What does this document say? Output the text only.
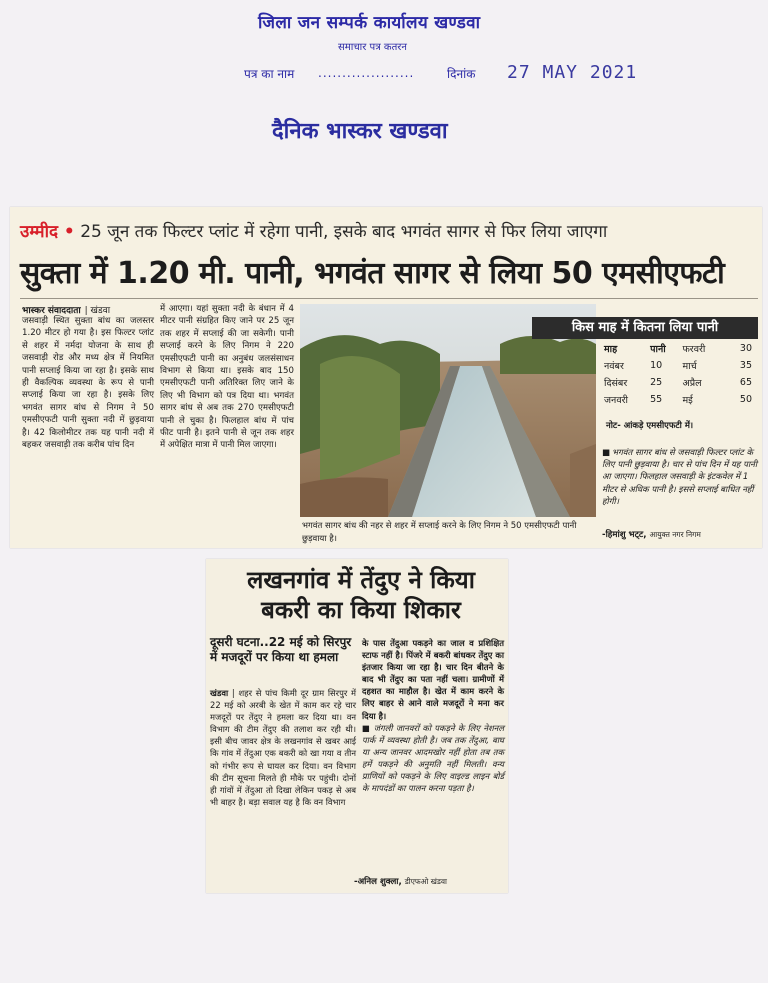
जिला जन सम्पर्क कार्यालय खण्डवा
समाचार पत्र कतरन
पत्र का नाम ....................	दिनांक 27 MAY 2021
दैनिक भास्कर खण्डवा
उम्मीद • 25 जून तक फिल्टर प्लांट में रहेगा पानी, इसके बाद भगवंत सागर से फिर लिया जाएगा
सुक्ता में 1.20 मी. पानी, भगवंत सागर से लिया 50 एमसीएफटी
भास्कर संवाददाता | खंडवा

जसवाड़ी स्थित सुक्ता बांध का जलस्तर 1.20 मीटर हो गया है। इस फिल्टर प्लांट से शहर में नर्मदा योजना के साथ ही जसवाड़ी रोड और मध्य क्षेत्र में नियमित पानी सप्लाई किया जा रहा है। इसके साथ ही वैकल्पिक व्यवस्था के रूप से पानी सप्लाई किया जा रहा है। इसके लिए भगवंत सागर बांध से निगम ने 50 एमसीएफटी पानी सुक्ता नदी में छुड़वाया है। 42 किलोमीटर तक यह पानी नदी में बहकर जसवाड़ी तक करीब पांच दिन

में आएगा। यहां सुक्ता नदी के बंधान में 4 मीटर पानी संग्रहित किए जाने पर 25 जून तक शहर में सप्लाई की जा सकेगी। पानी सप्लाई करने के लिए निगम ने 220 एमसीएफटी पानी का अनुबंध जलसंसाधन विभाग से किया था। इसके बाद 150 एमसीएफटी पानी अतिरिक्त लिए जाने के लिए भी विभाग को पत्र दिया था। भगवंत सागर बांध से अब तक 270 एमसीएफटी पानी ले चुका है। फिलहाल बांध में पांच फीट पानी है। इतने पानी से जून तक शहर में अपेक्षित मात्रा में पानी मिल जाएगा।

भगवंत सागर बांध की नहर से शहर में सप्लाई करने के लिए निगम ने 50 एमसीएफटी पानी छुड़वाया है।
किस माह में कितना लिया पानी
माह	पानी	फरवरी	30
नवंबर	10	मार्च	35
दिसंबर	25	अप्रैल	65
जनवरी	55	मई	50
नोट- आंकड़े एमसीएफटी में।
■ भगवंत सागर बांध से जसवाड़ी फिल्टर प्लांट के लिए पानी छुड़वाया है। चार से पांच दिन में यह पानी आ जाएगा। फिलहाल जसवाड़ी के इंटकवेल में 1 मीटर से अधिक पानी है। इससे सप्लाई बाधित नहीं होगी।
-हिमांशु भट्‌ट, आयुक्त नगर निगम
लखनगांव में तेंदुए ने किया बकरी का किया शिकार
दूसरी घटना..22 मई को सिरपुर में मजदूरों पर किया था हमला

खंडवा | शहर से पांच किमी दूर ग्राम सिरपुर में 22 मई को अरबी के खेत में काम कर रहे चार मजदूरों पर तेंदुए ने हमला कर दिया था। वन विभाग की टीम तेंदुए की तलाश कर रही थी। इसी बीच जावर क्षेत्र के लखनगांव से खबर आई कि गांव में तेंदुआ एक बकरी को खा गया व तीन को गंभीर रूप से घायल कर दिया। वन विभाग की टीम सूचना मिलते ही मौके पर पहुंची। दोनों ही गांवों में तेंदुआ तो दिखा लेकिन पकड़ से अब भी बाहर है। बड़ा सवाल यह है कि वन विभाग

के पास तेंदुआ पकड़ने का जाल व प्रशिक्षित स्टाफ नहीं है। पिंजरे में बकरी बांधकर तेंदुए का इंतजार किया जा रहा है। चार दिन बीतने के बाद भी तेंदुए का पता नहीं चला। ग्रामीणों में दहशत का माहौल है। खेत में काम करने के लिए बाहर से आने वाले मजदूरों ने मना कर दिया है।

■ जंगली जानवरों को पकड़ने के लिए नेशनल पार्क में व्यवस्था होती है। जब तक तेंदुआ, बाघ या अन्य जानवर आदमखोर नहीं होता तब तक हमें पकड़ने की अनुमति नहीं मिलती। वन्य प्राणियों को पकड़ने के लिए वाइल्ड लाइन बोर्ड के मापदंडों का पालन करना पड़ता है।

-अनिल शुक्ला, डीएफओ खंडवा
